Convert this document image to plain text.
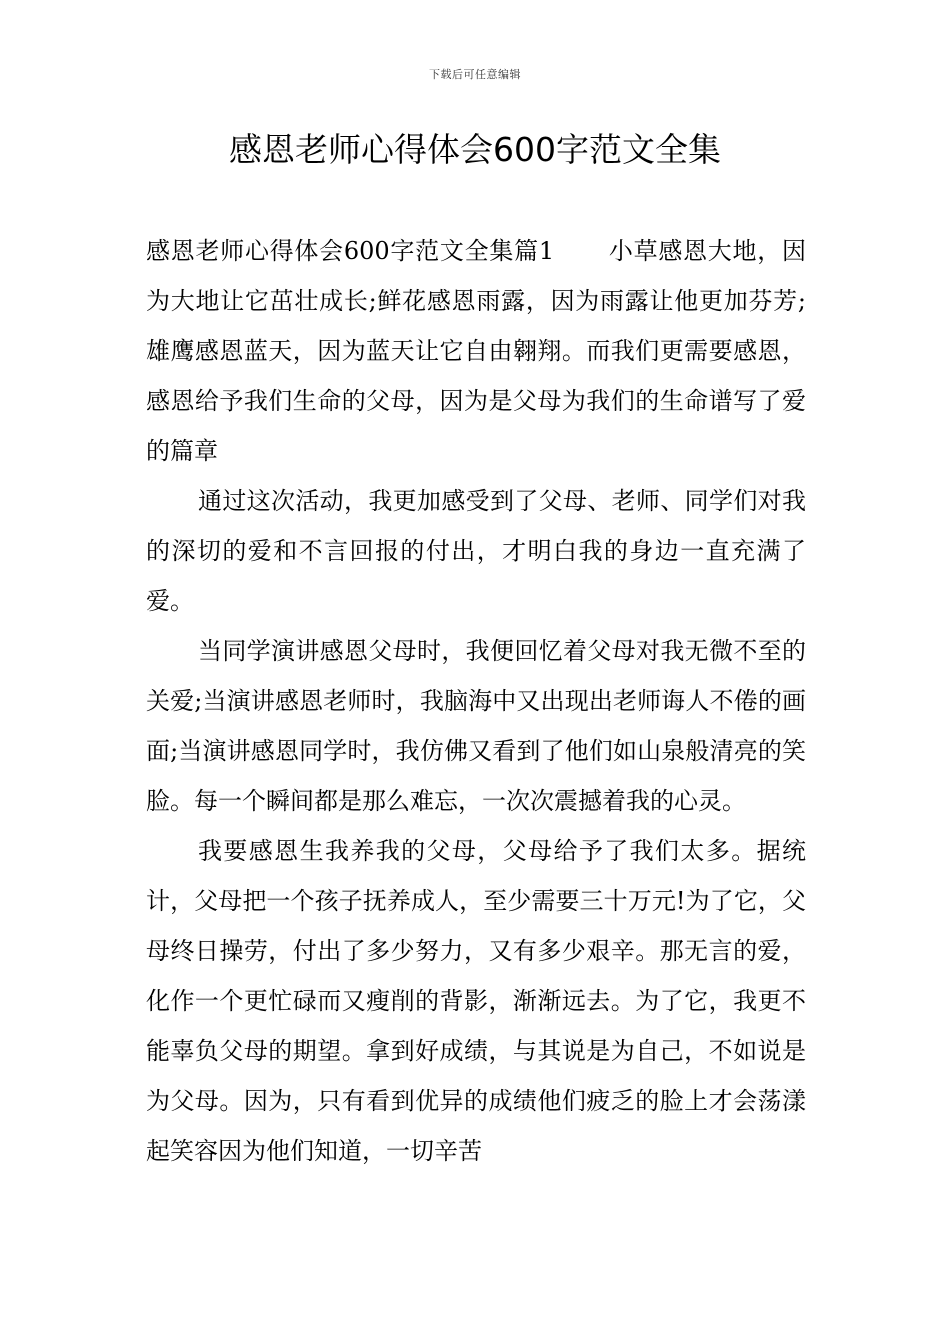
下载后可任意编辑
感恩老师心得体会600字范文全集

感恩老师心得体会600字范文全集篇1 小草感恩大地，因为大地让它茁壮成长;鲜花感恩雨露，因为雨露让他更加芬芳;雄鹰感恩蓝天，因为蓝天让它自由翱翔。而我们更需要感恩，感恩给予我们生命的父母，因为是父母为我们的生命谱写了爱的篇章

通过这次活动，我更加感受到了父母、老师、同学们对我的深切的爱和不言回报的付出，才明白我的身边一直充满了爱。

当同学演讲感恩父母时，我便回忆着父母对我无微不至的关爱;当演讲感恩老师时，我脑海中又出现出老师诲人不倦的画面;当演讲感恩同学时，我仿佛又看到了他们如山泉般清亮的笑脸。每一个瞬间都是那么难忘，一次次震撼着我的心灵。

我要感恩生我养我的父母，父母给予了我们太多。据统计，父母把一个孩子抚养成人，至少需要三十万元!为了它，父母终日操劳，付出了多少努力，又有多少艰辛。那无言的爱，化作一个更忙碌而又瘦削的背影，渐渐远去。为了它，我更不能辜负父母的期望。拿到好成绩，与其说是为自己，不如说是为父母。因为，只有看到优异的成绩他们疲乏的脸上才会荡漾起笑容因为他们知道，一切辛苦
